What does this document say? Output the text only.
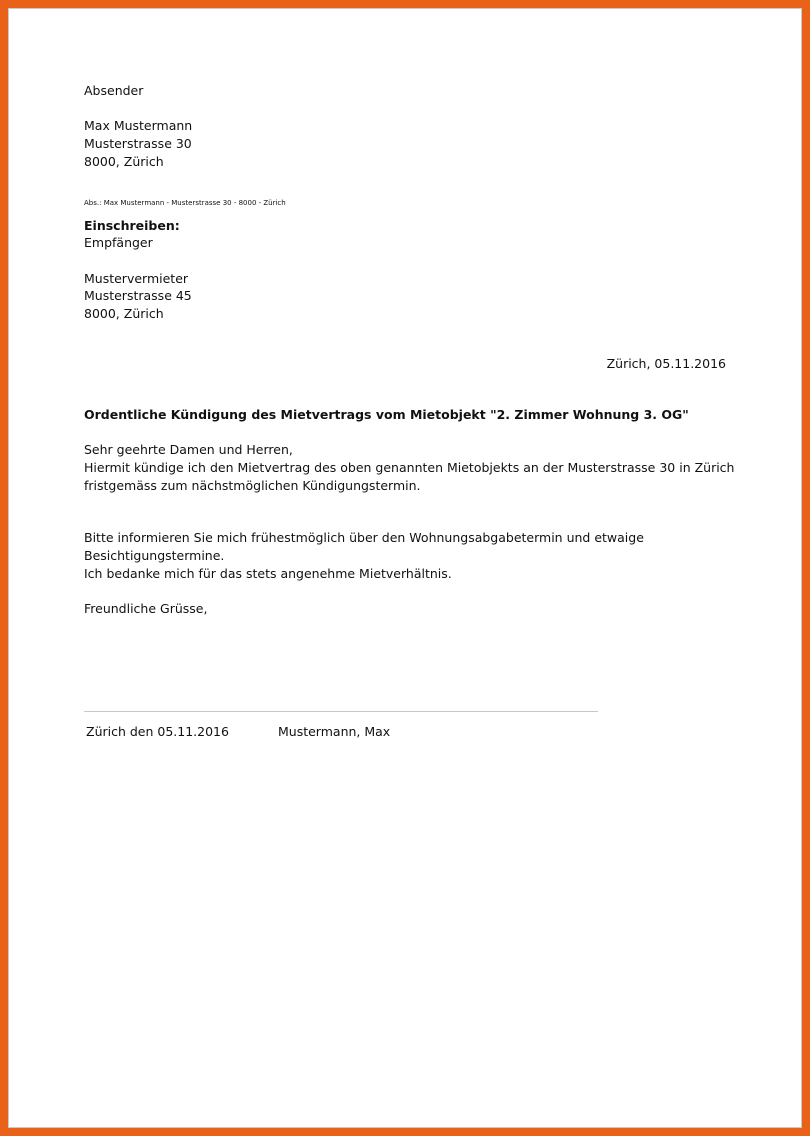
Absender
Max Mustermann
Musterstrasse 30
8000, Zürich
Abs.: Max Mustermann - Musterstrasse 30 - 8000 - Zürich
Einschreiben:
Empfänger
Mustervermieter
Musterstrasse 45
8000, Zürich
Zürich, 05.11.2016
Ordentliche Kündigung des Mietvertrags vom Mietobjekt "2. Zimmer Wohnung 3. OG"
Sehr geehrte Damen und Herren,
Hiermit kündige ich den Mietvertrag des oben genannten Mietobjekts an der Musterstrasse 30 in Zürich
fristgemäss zum nächstmöglichen Kündigungstermin.
Bitte informieren Sie mich frühestmöglich über den Wohnungsabgabetermin und etwaige
Besichtigungstermine.
Ich bedanke mich für das stets angenehme Mietverhältnis.
Freundliche Grüsse,
Zürich den 05.11.2016	Mustermann, Max
